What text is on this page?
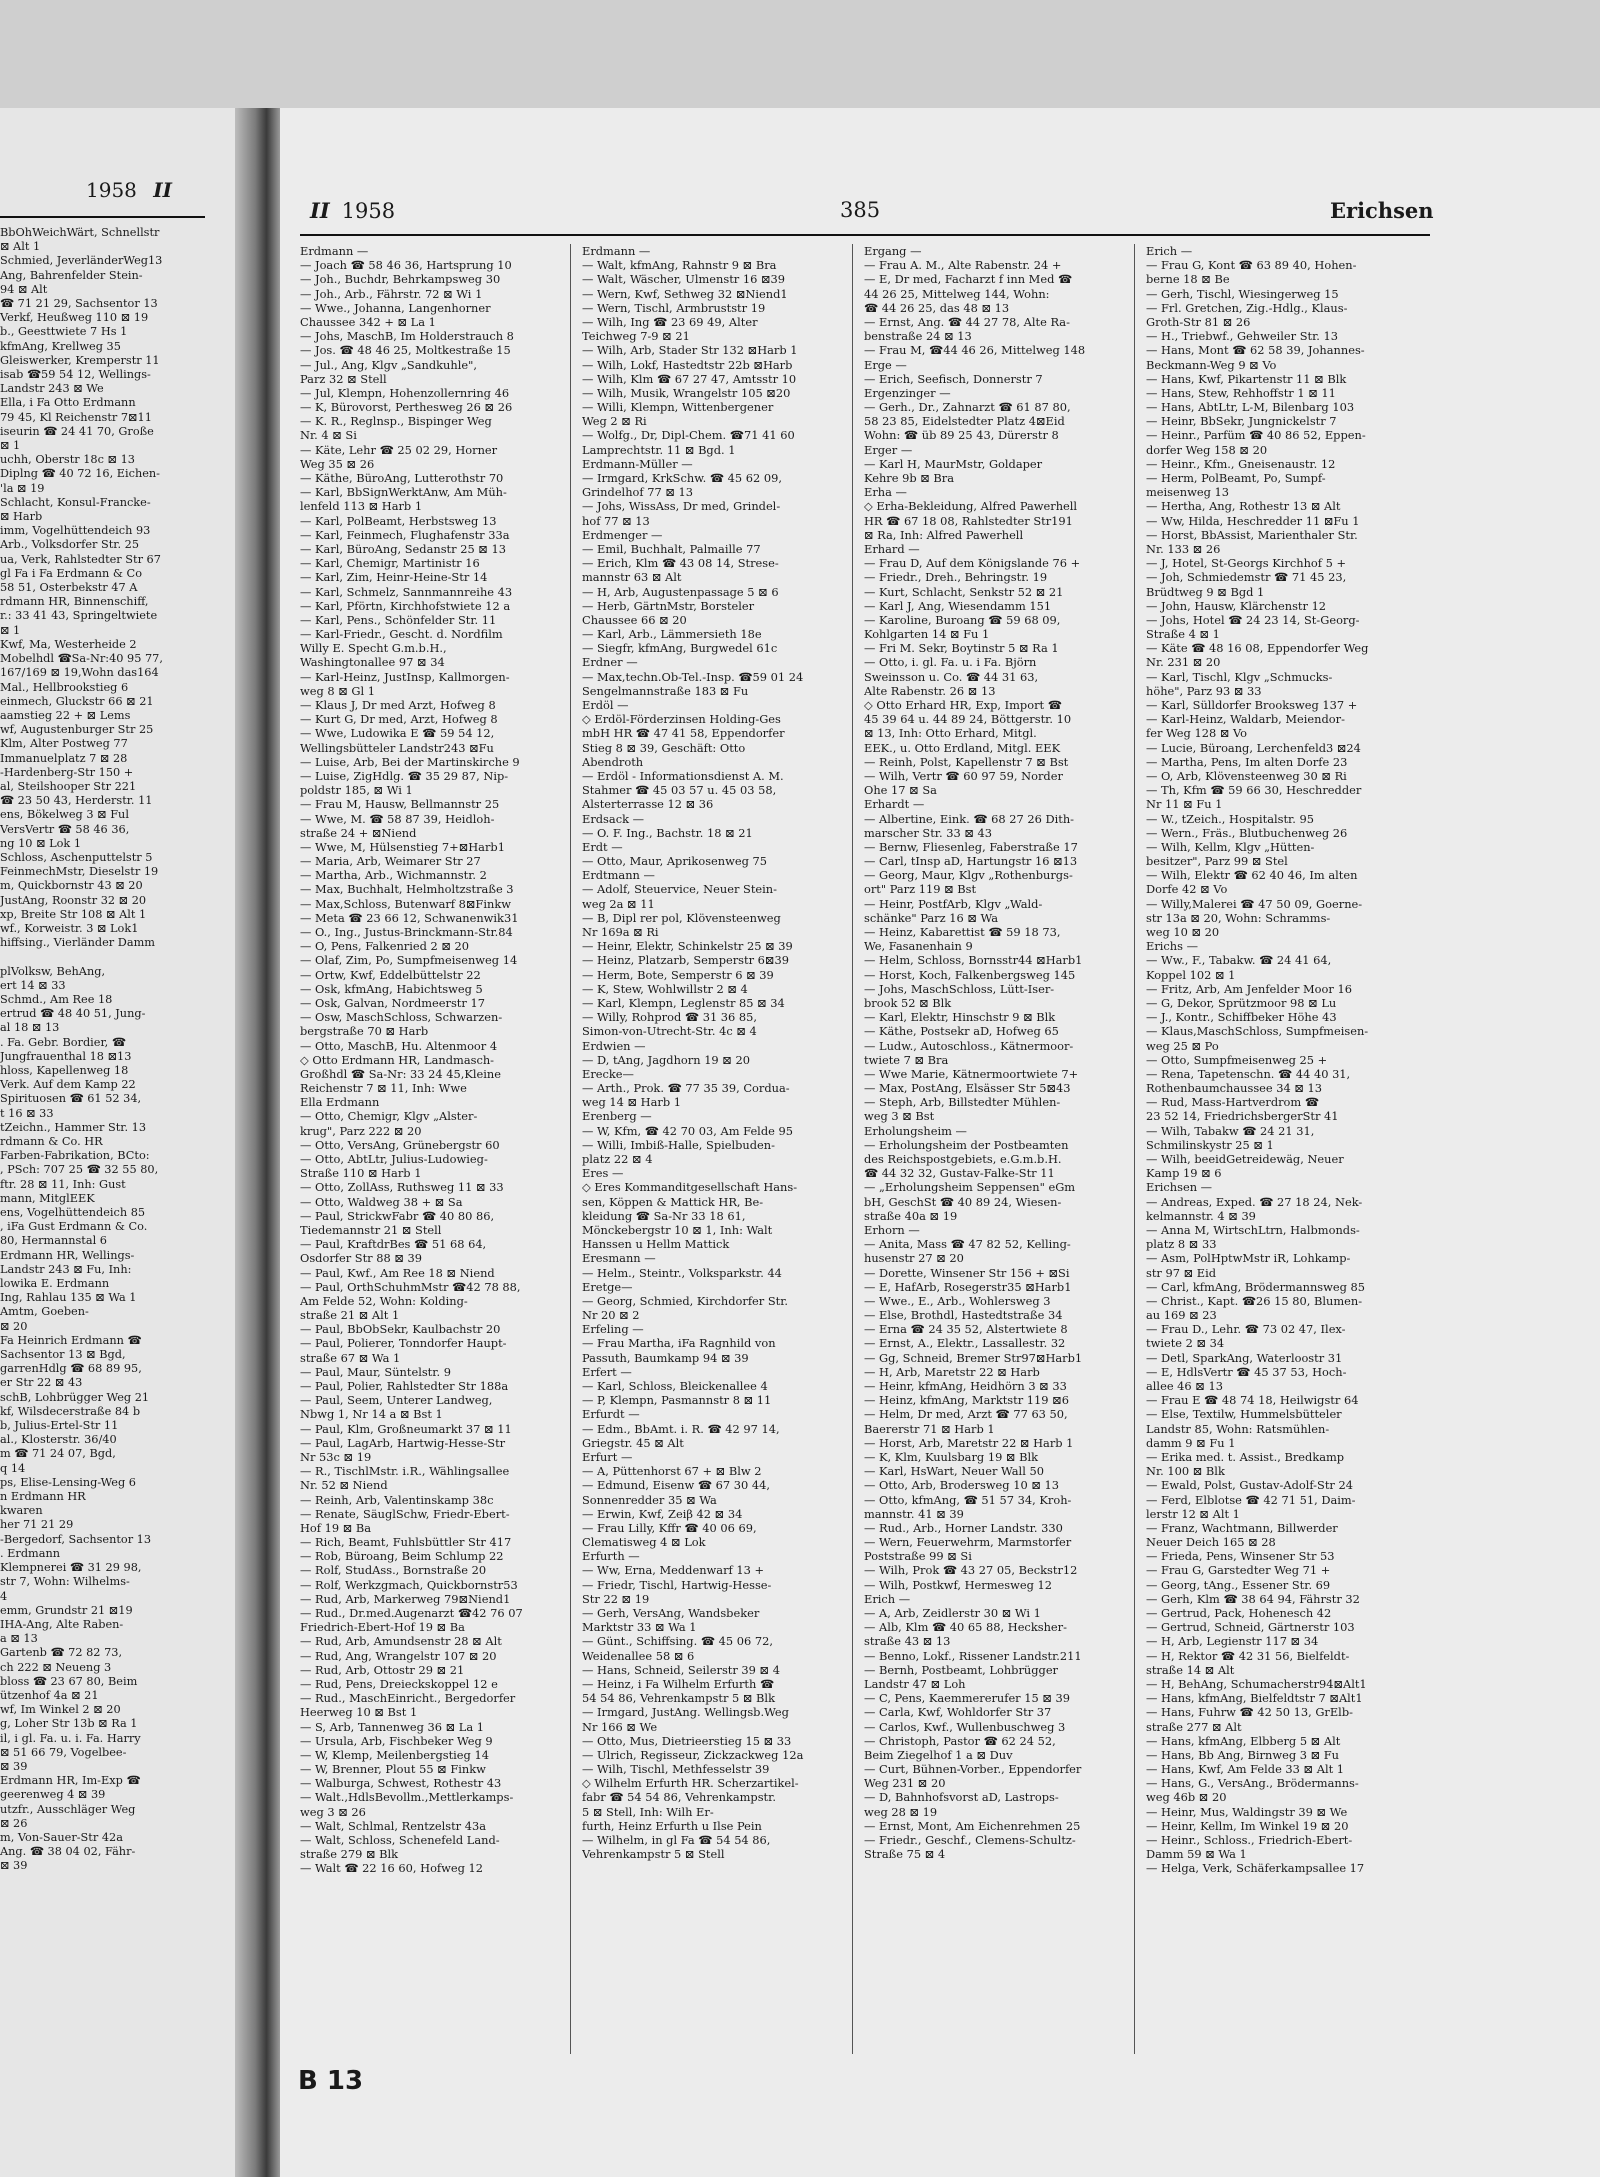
1958 II
BbOhWeichWärt, Schnellstr
⊠ Alt 1
Schmied, JeverländerWeg13
Ang, Bahrenfelder Stein-
94 ⊠ Alt
☎ 71 21 29, Sachsentor 13
Verkf, Heußweg 110 ⊠ 19
b., Geesttwiete 7 Hs 1
kfmAng, Krellweg 35
Gleiswerker, Kremperstr 11
isab ☎59 54 12, Wellings-
Landstr 243 ⊠ We
Ella, i Fa Otto Erdmann
79 45, Kl Reichenstr 7⊠11
iseurin ☎ 24 41 70, Große
⊠ 1
uchh, Oberstr 18c ⊠ 13
Diplng ☎ 40 72 16, Eichen-
'la ⊠ 19
Schlacht, Konsul-Francke-
⊠ Harb
imm, Vogelhüttendeich 93
Arb., Volksdorfer Str. 25
ua, Verk, Rahlstedter Str 67
gl Fa i Fa Erdmann & Co
58 51, Osterbekstr 47 A
rdmann HR, Binnenschiff,
r.: 33 41 43, Springeltwiete
⊠ 1
Kwf, Ma, Westerheide 2
Mobelhdl ☎Sa-Nr:40 95 77,
167/169 ⊠ 19,Wohn das164
Mal., Hellbrookstieg 6
einmech, Gluckstr 66 ⊠ 21
aamstieg 22 + ⊠ Lems
wf, Augustenburger Str 25
Klm, Alter Postweg 77
Immanuelplatz 7 ⊠ 28
-Hardenberg-Str 150 +
al, Steilshooper Str 221
☎ 23 50 43, Herderstr. 11
ens, Bökelweg 3 ⊠ Ful
VersVertr ☎ 58 46 36,
ng 10 ⊠ Lok 1
Schloss, Aschenputtelstr 5
FeinmechMstr, Dieselstr 19
m, Quickbornstr 43 ⊠ 20
JustAng, Roonstr 32 ⊠ 20
xp, Breite Str 108 ⊠ Alt 1
wf., Korweistr. 3 ⊠ Lok1
hiffsing., Vierländer Damm

plVolksw, BehAng,
ert 14 ⊠ 33
Schmd., Am Ree 18
ertrud ☎ 48 40 51, Jung-
al 18 ⊠ 13
. Fa. Gebr. Bordier, ☎
Jungfrauenthal 18 ⊠13
hloss, Kapellenweg 18
Verk. Auf dem Kamp 22
Spirituosen ☎ 61 52 34,
t 16 ⊠ 33
tZeichn., Hammer Str. 13
rdmann & Co. HR
Farben-Fabrikation, BCto:
, PSch: 707 25 ☎ 32 55 80,
ftr. 28 ⊠ 11, Inh: Gust
mann, MitglEEK
ens, Vogelhüttendeich 85
, iFa Gust Erdmann & Co.
80, Hermannstal 6
Erdmann HR, Wellings-
Landstr 243 ⊠ Fu, Inh:
lowika E. Erdmann
Ing, Rahlau 135 ⊠ Wa 1
Amtm, Goeben-
⊠ 20
Fa Heinrich Erdmann ☎
Sachsentor 13 ⊠ Bgd,
garrenHdlg ☎ 68 89 95,
er Str 22 ⊠ 43
schB, Lohbrügger Weg 21
kf, Wilsdecerstraße 84 b
b, Julius-Ertel-Str 11
al., Klosterstr. 36/40
m ☎ 71 24 07, Bgd,
q 14
ps, Elise-Lensing-Weg 6
n Erdmann HR
kwaren
her 71 21 29
-Bergedorf, Sachsentor 13
. Erdmann
Klempnerei ☎ 31 29 98,
str 7, Wohn: Wilhelms-
4
emm, Grundstr 21 ⊠19
IHA-Ang, Alte Raben-
a ⊠ 13
Gartenb ☎ 72 82 73,
ch 222 ⊠ Neueng 3
bloss ☎ 23 67 80, Beim
ützenhof 4a ⊠ 21
wf, Im Winkel 2 ⊠ 20
g, Loher Str 13b ⊠ Ra 1
il, i gl. Fa. u. i. Fa. Harry
⊠ 51 66 79, Vogelbee-
⊠ 39
Erdmann HR, Im-Exp ☎
geerenweg 4 ⊠ 39
utzfr., Ausschläger Weg
⊠ 26
m, Von-Sauer-Str 42a
Ang. ☎ 38 04 02, Fähr-
⊠ 39
II 1958	385	Erichsen
Erdmann —
— Joach ☎ 58 46 36, Hartsprung 10
— Joh., Buchdr, Behrkampsweg 30
— Joh., Arb., Fährstr. 72 ⊠ Wi 1
— Wwe., Johanna, Langenhorner
Chaussee 342 + ⊠ La 1
— Johs, MaschB, Im Holderstrauch 8
— Jos. ☎ 48 46 25, Moltkestraße 15
— Jul., Ang, Klgv „Sandkuhle",
Parz 32 ⊠ Stell
— Jul, Klempn, Hohenzollernring 46
— K, Bürovorst, Perthesweg 26 ⊠ 26
— K. R., Reglnsp., Bispinger Weg
Nr. 4 ⊠ Si
— Käte, Lehr ☎ 25 02 29, Horner
Weg 35 ⊠ 26
— Käthe, BüroAng, Lutterothstr 70
— Karl, BbSignWerktAnw, Am Müh-
lenfeld 113 ⊠ Harb 1
— Karl, PolBeamt, Herbstsweg 13
— Karl, Feinmech, Flughafenstr 33a
— Karl, BüroAng, Sedanstr 25 ⊠ 13
— Karl, Chemigr, Martinistr 16
— Karl, Zim, Heinr-Heine-Str 14
— Karl, Schmelz, Sannmannreihe 43
— Karl, Pförtn, Kirchhofstwiete 12 a
— Karl, Pens., Schönfelder Str. 11
— Karl-Friedr., Gescht. d. Nordfilm
Willy E. Specht G.m.b.H.,
Washingtonallee 97 ⊠ 34
— Karl-Heinz, JustInsp, Kallmorgen-
weg 8 ⊠ Gl 1
— Klaus J, Dr med Arzt, Hofweg 8
— Kurt G, Dr med, Arzt, Hofweg 8
— Wwe, Ludowika E ☎ 59 54 12,
Wellingsbütteler Landstr243 ⊠Fu
— Luise, Arb, Bei der Martinskirche 9
— Luise, ZigHdlg. ☎ 35 29 87, Nip-
poldstr 185, ⊠ Wi 1
— Frau M, Hausw, Bellmannstr 25
— Wwe, M. ☎ 58 87 39, Heidloh-
straße 24 + ⊠Niend
— Wwe, M, Hülsenstieg 7+⊠Harb1
— Maria, Arb, Weimarer Str 27
— Martha, Arb., Wichmannstr. 2
— Max, Buchhalt, Helmholtzstraße 3
— Max,Schloss, Butenwarf 8⊠Finkw
— Meta ☎ 23 66 12, Schwanenwik31
— O., Ing., Justus-Brinckmann-Str.84
— O, Pens, Falkenried 2 ⊠ 20
— Olaf, Zim, Po, Sumpfmeisenweg 14
— Ortw, Kwf, Eddelbüttelstr 22
— Osk, kfmAng, Habichtsweg 5
— Osk, Galvan, Nordmeerstr 17
— Osw, MaschSchloss, Schwarzen-
bergstraße 70 ⊠ Harb
— Otto, MaschB, Hu. Altenmoor 4
◇ Otto Erdmann HR, Landmasch-
Großhdl ☎ Sa-Nr: 33 24 45,Kleine
Reichenstr 7 ⊠ 11, Inh: Wwe
Ella Erdmann
— Otto, Chemigr, Klgv „Alster-
krug", Parz 222 ⊠ 20
— Otto, VersAng, Grünebergstr 60
— Otto, AbtLtr, Julius-Ludowieg-
Straße 110 ⊠ Harb 1
— Otto, ZollAss, Ruthsweg 11 ⊠ 33
— Otto, Waldweg 38 + ⊠ Sa
— Paul, StrickwFabr ☎ 40 80 86,
Tiedemannstr 21 ⊠ Stell
— Paul, KraftdrBes ☎ 51 68 64,
Osdorfer Str 88 ⊠ 39
— Paul, Kwf., Am Ree 18 ⊠ Niend
— Paul, OrthSchuhmMstr ☎42 78 88,
Am Felde 52, Wohn: Kolding-
straße 21 ⊠ Alt 1
— Paul, BbObSekr, Kaulbachstr 20
— Paul, Polierer, Tonndorfer Haupt-
straße 67 ⊠ Wa 1
— Paul, Maur, Süntelstr. 9
— Paul, Polier, Rahlstedter Str 188a
— Paul, Seem, Unterer Landweg,
Nbwg 1, Nr 14 a ⊠ Bst 1
— Paul, Klm, Großneumarkt 37 ⊠ 11
— Paul, LagArb, Hartwig-Hesse-Str
Nr 53c ⊠ 19
— R., TischlMstr. i.R., Wählingsallee
Nr. 52 ⊠ Niend
— Reinh, Arb, Valentinskamp 38c
— Renate, SäuglSchw, Friedr-Ebert-
Hof 19 ⊠ Ba
— Rich, Beamt, Fuhlsbüttler Str 417
— Rob, Büroang, Beim Schlump 22
— Rolf, StudAss., Bornstraße 20
— Rolf, Werkzgmach, Quickbornstr53
— Rud, Arb, Markerweg 79⊠Niend1
— Rud., Dr.med.Augenarzt ☎42 76 07
Friedrich-Ebert-Hof 19 ⊠ Ba
— Rud, Arb, Amundsenstr 28 ⊠ Alt
— Rud, Ang, Wrangelstr 107 ⊠ 20
— Rud, Arb, Ottostr 29 ⊠ 21
— Rud, Pens, Dreieckskoppel 12 e
— Rud., MaschEinricht., Bergedorfer
Heerweg 10 ⊠ Bst 1
— S, Arb, Tannenweg 36 ⊠ La 1
— Ursula, Arb, Fischbeker Weg 9
— W, Klemp, Meilenbergstieg 14
— W, Brenner, Plout 55 ⊠ Finkw
— Walburga, Schwest, Rothestr 43
— Walt.,HdlsBevollm.,Mettlerkamps-
weg 3 ⊠ 26
— Walt, Schlmal, Rentzelstr 43a
— Walt, Schloss, Schenefeld Land-
straße 279 ⊠ Blk
— Walt ☎ 22 16 60, Hofweg 12
Erdmann —
— Walt, kfmAng, Rahnstr 9 ⊠ Bra
— Walt, Wäscher, Ulmenstr 16 ⊠39
— Wern, Kwf, Sethweg 32 ⊠Niend1
— Wern, Tischl, Armbruststr 19
— Wilh, Ing ☎ 23 69 49, Alter
Teichweg 7-9 ⊠ 21
— Wilh, Arb, Stader Str 132 ⊠Harb 1
— Wilh, Lokf, Hastedtstr 22b ⊠Harb
— Wilh, Klm ☎ 67 27 47, Amtsstr 10
— Wilh, Musik, Wrangelstr 105 ⊠20
— Willi, Klempn, Wittenbergener
Weg 2 ⊠ Ri
— Wolfg., Dr, Dipl-Chem. ☎71 41 60
Lamprechtstr. 11 ⊠ Bgd. 1
Erdmann-Müller —
— Irmgard, KrkSchw. ☎ 45 62 09,
Grindelhof 77 ⊠ 13
— Johs, WissAss, Dr med, Grindel-
hof 77 ⊠ 13
Erdmenger —
— Emil, Buchhalt, Palmaille 77
— Erich, Klm ☎ 43 08 14, Strese-
mannstr 63 ⊠ Alt
— H, Arb, Augustenpassage 5 ⊠ 6
— Herb, GärtnMstr, Borsteler
Chaussee 66 ⊠ 20
— Karl, Arb., Lämmersieth 18e
— Siegfr, kfmAng, Burgwedel 61c
Erdner —
— Max,techn.Ob-Tel.-Insp. ☎59 01 24
Sengelmannstraße 183 ⊠ Fu
Erdöl —
◇ Erdöl-Förderzinsen Holding-Ges
mbH HR ☎ 47 41 58, Eppendorfer
Stieg 8 ⊠ 39, Geschäft: Otto
Abendroth
— Erdöl - Informationsdienst A. M.
Stahmer ☎ 45 03 57 u. 45 03 58,
Alsterterrasse 12 ⊠ 36
Erdsack —
— O. F. Ing., Bachstr. 18 ⊠ 21
Erdt —
— Otto, Maur, Aprikosenweg 75
Erdtmann —
— Adolf, Steuervice, Neuer Stein-
weg 2a ⊠ 11
— B, Dipl rer pol, Klövensteenweg
Nr 169a ⊠ Ri
— Heinr, Elektr, Schinkelstr 25 ⊠ 39
— Heinz, Platzarb, Semperstr 6⊠39
— Herm, Bote, Semperstr 6 ⊠ 39
— K, Stew, Wohlwillstr 2 ⊠ 4
— Karl, Klempn, Leglenstr 85 ⊠ 34
— Willy, Rohprod ☎ 31 36 85,
Simon-von-Utrecht-Str. 4c ⊠ 4
Erdwien —
— D, tAng, Jagdhorn 19 ⊠ 20
Erecke—
— Arth., Prok. ☎ 77 35 39, Cordua-
weg 14 ⊠ Harb 1
Erenberg —
— W, Kfm, ☎ 42 70 03, Am Felde 95
— Willi, Imbiß-Halle, Spielbuden-
platz 22 ⊠ 4
Eres —
◇ Eres Kommanditgesellschaft Hans-
sen, Köppen & Mattick HR, Be-
kleidung ☎ Sa-Nr 33 18 61,
Mönckebergstr 10 ⊠ 1, Inh: Walt
Hanssen u Hellm Mattick
Eresmann —
— Helm., Steintr., Volksparkstr. 44
Eretge—
— Georg, Schmied, Kirchdorfer Str.
Nr 20 ⊠ 2
Erfeling —
— Frau Martha, iFa Ragnhild von
Passuth, Baumkamp 94 ⊠ 39
Erfert —
— Karl, Schloss, Bleickenallee 4
— P, Klempn, Pasmannstr 8 ⊠ 11
Erfurdt —
— Edm., BbAmt. i. R. ☎ 42 97 14,
Griegstr. 45 ⊠ Alt
Erfurt —
— A, Püttenhorst 67 + ⊠ Blw 2
— Edmund, Eisenw ☎ 67 30 44,
Sonnenredder 35 ⊠ Wa
— Erwin, Kwf, Zeiβ 42 ⊠ 34
— Frau Lilly, Kffr ☎ 40 06 69,
Clematisweg 4 ⊠ Lok
Erfurth —
— Ww, Erna, Meddenwarf 13 +
— Friedr, Tischl, Hartwig-Hesse-
Str 22 ⊠ 19
— Gerh, VersAng, Wandsbeker
Marktstr 33 ⊠ Wa 1
— Günt., Schiffsing. ☎ 45 06 72,
Weidenallee 58 ⊠ 6
— Hans, Schneid, Seilerstr 39 ⊠ 4
— Heinz, i Fa Wilhelm Erfurth ☎
54 54 86, Vehrenkampstr 5 ⊠ Blk
— Irmgard, JustAng. Wellingsb.Weg
Nr 166 ⊠ We
— Otto, Mus, Dietrieerstieg 15 ⊠ 33
— Ulrich, Regisseur, Zickzackweg 12a
— Wilh, Tischl, Methfesselstr 39
◇ Wilhelm Erfurth HR. Scherzartikel-
fabr ☎ 54 54 86, Vehrenkampstr.
5 ⊠ Stell, Inh: Wilh Er-
furth, Heinz Erfurth u Ilse Pein
— Wilhelm, in gl Fa ☎ 54 54 86,
Vehrenkampstr 5 ⊠ Stell
Ergang —
— Frau A. M., Alte Rabenstr. 24 +
— E, Dr med, Facharzt f inn Med ☎
44 26 25, Mittelweg 144, Wohn:
☎ 44 26 25, das 48 ⊠ 13
— Ernst, Ang. ☎ 44 27 78, Alte Ra-
benstraße 24 ⊠ 13
— Frau M, ☎44 46 26, Mittelweg 148
Erge —
— Erich, Seefisch, Donnerstr 7
Ergenzinger —
— Gerh., Dr., Zahnarzt ☎ 61 87 80,
58 23 85, Eidelstedter Platz 4⊠Eid
Wohn: ☎ üb 89 25 43, Dürerstr 8
Erger —
— Karl H, MaurMstr, Goldaper
Kehre 9b ⊠ Bra
Erha —
◇ Erha-Bekleidung, Alfred Pawerhell
HR ☎ 67 18 08, Rahlstedter Str191
⊠ Ra, Inh: Alfred Pawerhell
Erhard —
— Frau D, Auf dem Königslande 76 +
— Friedr., Dreh., Behringstr. 19
— Kurt, Schlacht, Senkstr 52 ⊠ 21
— Karl J, Ang, Wiesendamm 151
— Karoline, Buroang ☎ 59 68 09,
Kohlgarten 14 ⊠ Fu 1
— Fri M. Sekr, Boytinstr 5 ⊠ Ra 1
— Otto, i. gl. Fa. u. i Fa. Björn
Sweinsson u. Co. ☎ 44 31 63,
Alte Rabenstr. 26 ⊠ 13
◇ Otto Erhard HR, Exp, Import ☎
45 39 64 u. 44 89 24, Böttgerstr. 10
⊠ 13, Inh: Otto Erhard, Mitgl.
EEK., u. Otto Erdland, Mitgl. EEK
— Reinh, Polst, Kapellenstr 7 ⊠ Bst
— Wilh, Vertr ☎ 60 97 59, Norder
Ohe 17 ⊠ Sa
Erhardt —
— Albertine, Eink. ☎ 68 27 26 Dith-
marscher Str. 33 ⊠ 43
— Bernw, Fliesenleg, Faberstraße 17
— Carl, tInsp aD, Hartungstr 16 ⊠13
— Georg, Maur, Klgv „Rothenburgs-
ort" Parz 119 ⊠ Bst
— Heinr, PostfArb, Klgv „Wald-
schänke" Parz 16 ⊠ Wa
— Heinz, Kabarettist ☎ 59 18 73,
We, Fasanenhain 9
— Helm, Schloss, Bornsstr44 ⊠Harb1
— Horst, Koch, Falkenbergsweg 145
— Johs, MaschSchloss, Lütt-Iser-
brook 52 ⊠ Blk
— Karl, Elektr, Hinschstr 9 ⊠ Blk
— Käthe, Postsekr aD, Hofweg 65
— Ludw., Autoschloss., Kätnermoor-
twiete 7 ⊠ Bra
— Wwe Marie, Kätnermoortwiete 7+
— Max, PostAng, Elsässer Str 5⊠43
— Steph, Arb, Billstedter Mühlen-
weg 3 ⊠ Bst
Erholungsheim —
— Erholungsheim der Postbeamten
des Reichspostgebiets, e.G.m.b.H.
☎ 44 32 32, Gustav-Falke-Str 11
— „Erholungsheim Seppensen" eGm
bH, GeschSt ☎ 40 89 24, Wiesen-
straße 40a ⊠ 19
Erhorn —
— Anita, Mass ☎ 47 82 52, Kelling-
husenstr 27 ⊠ 20
— Dorette, Winsener Str 156 + ⊠Si
— E, HafArb, Rosegerstr35 ⊠Harb1
— Wwe., E., Arb., Wohlersweg 3
— Else, Brothdl, Hastedtstraße 34
— Erna ☎ 24 35 52, Alstertwiete 8
— Ernst, A., Elektr., Lassallestr. 32
— Gg, Schneid, Bremer Str97⊠Harb1
— H, Arb, Maretstr 22 ⊠ Harb
— Heinr, kfmAng, Heidhörn 3 ⊠ 33
— Heinz, kfmAng, Marktstr 119 ⊠6
— Helm, Dr med, Arzt ☎ 77 63 50,
Baererstr 71 ⊠ Harb 1
— Horst, Arb, Maretstr 22 ⊠ Harb 1
— K, Klm, Kuulsbarg 19 ⊠ Blk
— Karl, HsWart, Neuer Wall 50
— Otto, Arb, Brodersweg 10 ⊠ 13
— Otto, kfmAng, ☎ 51 57 34, Kroh-
mannstr. 41 ⊠ 39
— Rud., Arb., Horner Landstr. 330
— Wern, Feuerwehrm, Marmstorfer
Poststraße 99 ⊠ Si
— Wilh, Prok ☎ 43 27 05, Beckstr12
— Wilh, Postkwf, Hermesweg 12
Erich —
— A, Arb, Zeidlerstr 30 ⊠ Wi 1
— Alb, Klm ☎ 40 65 88, Hecksher-
straße 43 ⊠ 13
— Benno, Lokf., Rissener Landstr.211
— Bernh, Postbeamt, Lohbrügger
Landstr 47 ⊠ Loh
— C, Pens, Kaemmererufer 15 ⊠ 39
— Carla, Kwf, Wohldorfer Str 37
— Carlos, Kwf., Wullenbuschweg 3
— Christoph, Pastor ☎ 62 24 52,
Beim Ziegelhof 1 a ⊠ Duv
— Curt, Bühnen-Vorber., Eppendorfer
Weg 231 ⊠ 20
— D, Bahnhofsvorst aD, Lastrops-
weg 28 ⊠ 19
— Ernst, Mont, Am Eichenrehmen 25
— Friedr., Geschf., Clemens-Schultz-
Straße 75 ⊠ 4
Erich —
— Frau G, Kont ☎ 63 89 40, Hohen-
berne 18 ⊠ Be
— Gerh, Tischl, Wiesingerweg 15
— Frl. Gretchen, Zig.-Hdlg., Klaus-
Groth-Str 81 ⊠ 26
— H., Triebwf., Gehweiler Str. 13
— Hans, Mont ☎ 62 58 39, Johannes-
Beckmann-Weg 9 ⊠ Vo
— Hans, Kwf, Pikartenstr 11 ⊠ Blk
— Hans, Stew, Rehhoffstr 1 ⊠ 11
— Hans, AbtLtr, L-M, Bilenbarg 103
— Heinr, BbSekr, Jungnickelstr 7
— Heinr., Parfüm ☎ 40 86 52, Eppen-
dorfer Weg 158 ⊠ 20
— Heinr., Kfm., Gneisenaustr. 12
— Herm, PolBeamt, Po, Sumpf-
meisenweg 13
— Hertha, Ang, Rothestr 13 ⊠ Alt
— Ww, Hilda, Heschredder 11 ⊠Fu 1
— Horst, BbAssist, Marienthaler Str.
Nr. 133 ⊠ 26
— J, Hotel, St-Georgs Kirchhof 5 +
— Joh, Schmiedemstr ☎ 71 45 23,
Brüdtweg 9 ⊠ Bgd 1
— John, Hausw, Klärchenstr 12
— Johs, Hotel ☎ 24 23 14, St-Georg-
Straße 4 ⊠ 1
— Käte ☎ 48 16 08, Eppendorfer Weg
Nr. 231 ⊠ 20
— Karl, Tischl, Klgv „Schmucks-
höhe", Parz 93 ⊠ 33
— Karl, Sülldorfer Brooksweg 137 +
— Karl-Heinz, Waldarb, Meiendor-
fer Weg 128 ⊠ Vo
— Lucie, Büroang, Lerchenfeld3 ⊠24
— Martha, Pens, Im alten Dorfe 23
— O, Arb, Klövensteenweg 30 ⊠ Ri
— Th, Kfm ☎ 59 66 30, Heschredder
Nr 11 ⊠ Fu 1
— W., tZeich., Hospitalstr. 95
— Wern., Fräs., Blutbuchenweg 26
— Wilh, Kellm, Klgv „Hütten-
besitzer", Parz 99 ⊠ Stel
— Wilh, Elektr ☎ 62 40 46, Im alten
Dorfe 42 ⊠ Vo
— Willy,Malerei ☎ 47 50 09, Goerne-
str 13a ⊠ 20, Wohn: Schramms-
weg 10 ⊠ 20
Erichs —
— Ww., F., Tabakw. ☎ 24 41 64,
Koppel 102 ⊠ 1
— Fritz, Arb, Am Jenfelder Moor 16
— G, Dekor, Sprützmoor 98 ⊠ Lu
— J., Kontr., Schiffbeker Höhe 43
— Klaus,MaschSchloss, Sumpfmeisen-
weg 25 ⊠ Po
— Otto, Sumpfmeisenweg 25 +
— Rena, Tapetenschn. ☎ 44 40 31,
Rothenbaumchaussee 34 ⊠ 13
— Rud, Mass-Hartverdrom ☎
23 52 14, FriedrichsbergerStr 41
— Wilh, Tabakw ☎ 24 21 31,
Schmilinskystr 25 ⊠ 1
— Wilh, beeidGetreidewäg, Neuer
Kamp 19 ⊠ 6
Erichsen —
— Andreas, Exped. ☎ 27 18 24, Nek-
kelmannstr. 4 ⊠ 39
— Anna M, WirtschLtrn, Halbmonds-
platz 8 ⊠ 33
— Asm, PolHptwMstr iR, Lohkamp-
str 97 ⊠ Eid
— Carl, kfmAng, Brödermannsweg 85
— Christ., Kapt. ☎26 15 80, Blumen-
au 169 ⊠ 23
— Frau D., Lehr. ☎ 73 02 47, Ilex-
twiete 2 ⊠ 34
— Detl, SparkAng, Waterloostr 31
— E, HdlsVertr ☎ 45 37 53, Hoch-
allee 46 ⊠ 13
— Frau E ☎ 48 74 18, Heilwigstr 64
— Else, Textilw, Hummelsbütteler
Landstr 85, Wohn: Ratsmühlen-
damm 9 ⊠ Fu 1
— Erika med. t. Assist., Bredkamp
Nr. 100 ⊠ Blk
— Ewald, Polst, Gustav-Adolf-Str 24
— Ferd, Elblotse ☎ 42 71 51, Daim-
lerstr 12 ⊠ Alt 1
— Franz, Wachtmann, Billwerder
Neuer Deich 165 ⊠ 28
— Frieda, Pens, Winsener Str 53
— Frau G, Garstedter Weg 71 +
— Georg, tAng., Essener Str. 69
— Gerh, Klm ☎ 38 64 94, Fährstr 32
— Gertrud, Pack, Hohenesch 42
— Gertrud, Schneid, Gärtnerstr 103
— H, Arb, Legienstr 117 ⊠ 34
— H, Rektor ☎ 42 31 56, Bielfeldt-
straße 14 ⊠ Alt
— H, BehAng, Schumacherstr94⊠Alt1
— Hans, kfmAng, Bielfeldtstr 7 ⊠Alt1
— Hans, Fuhrw ☎ 42 50 13, GrElb-
straße 277 ⊠ Alt
— Hans, kfmAng, Elbberg 5 ⊠ Alt
— Hans, Bb Ang, Birnweg 3 ⊠ Fu
— Hans, Kwf, Am Felde 33 ⊠ Alt 1
— Hans, G., VersAng., Brödermanns-
weg 46b ⊠ 20
— Heinr, Mus, Waldingstr 39 ⊠ We
— Heinr, Kellm, Im Winkel 19 ⊠ 20
— Heinr., Schloss., Friedrich-Ebert-
Damm 59 ⊠ Wa 1
— Helga, Verk, Schäferkampsallee 17
B 13
